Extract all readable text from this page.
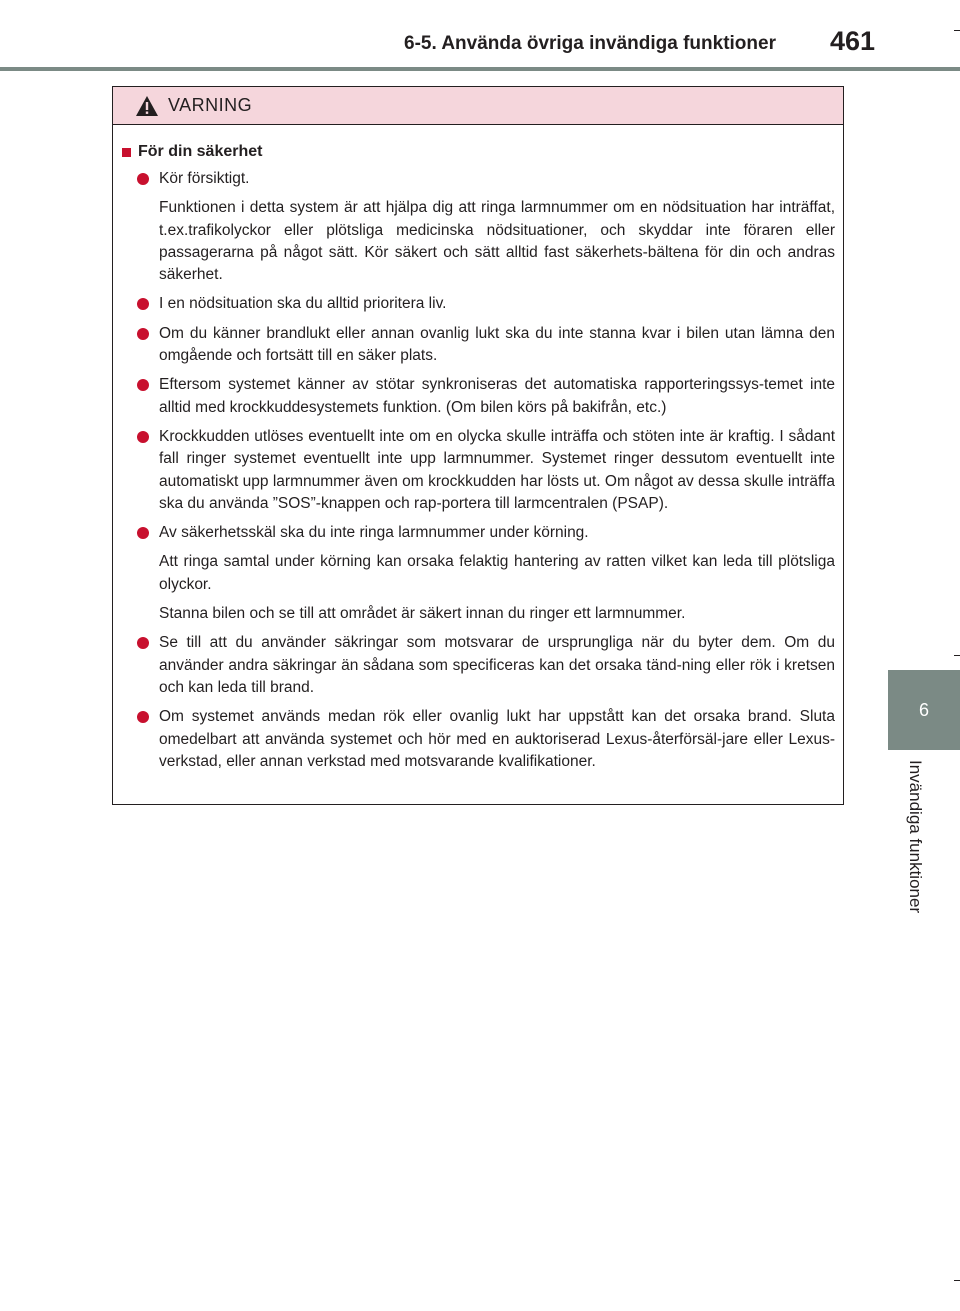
6-5. Använda övriga invändiga funktioner 461
6
Invändiga funktioner
VARNING
För din säkerhet
Kör försiktigt.
Funktionen i detta system är att hjälpa dig att ringa larmnummer om en nödsituation har inträffat, t.ex.trafikolyckor eller plötsliga medicinska nödsituationer, och skyddar inte föraren eller passagerarna på något sätt. Kör säkert och sätt alltid fast säkerhets-bältena för din och andras säkerhet.
I en nödsituation ska du alltid prioritera liv.
Om du känner brandlukt eller annan ovanlig lukt ska du inte stanna kvar i bilen utan lämna den omgående och fortsätt till en säker plats.
Eftersom systemet känner av stötar synkroniseras det automatiska rapporteringssys-temet inte alltid med krockkuddesystemets funktion. (Om bilen körs på bakifrån, etc.)
Krockkudden utlöses eventuellt inte om en olycka skulle inträffa och stöten inte är kraftig. I sådant fall ringer systemet eventuellt inte upp larmnummer. Systemet ringer dessutom eventuellt inte automatiskt upp larmnummer även om krockkudden har lösts ut. Om något av dessa skulle inträffa ska du använda ”SOS”-knappen och rap-portera till larmcentralen (PSAP).
Av säkerhetsskäl ska du inte ringa larmnummer under körning.
Att ringa samtal under körning kan orsaka felaktig hantering av ratten vilket kan leda till plötsliga olyckor.
Stanna bilen och se till att området är säkert innan du ringer ett larmnummer.
Se till att du använder säkringar som motsvarar de ursprungliga när du byter dem. Om du använder andra säkringar än sådana som specificeras kan det orsaka tänd-ning eller rök i kretsen och kan leda till brand.
Om systemet används medan rök eller ovanlig lukt har uppstått kan det orsaka brand. Sluta omedelbart att använda systemet och hör med en auktoriserad Lexus-återförsäl-jare eller Lexus-verkstad, eller annan verkstad med motsvarande kvalifikationer.
